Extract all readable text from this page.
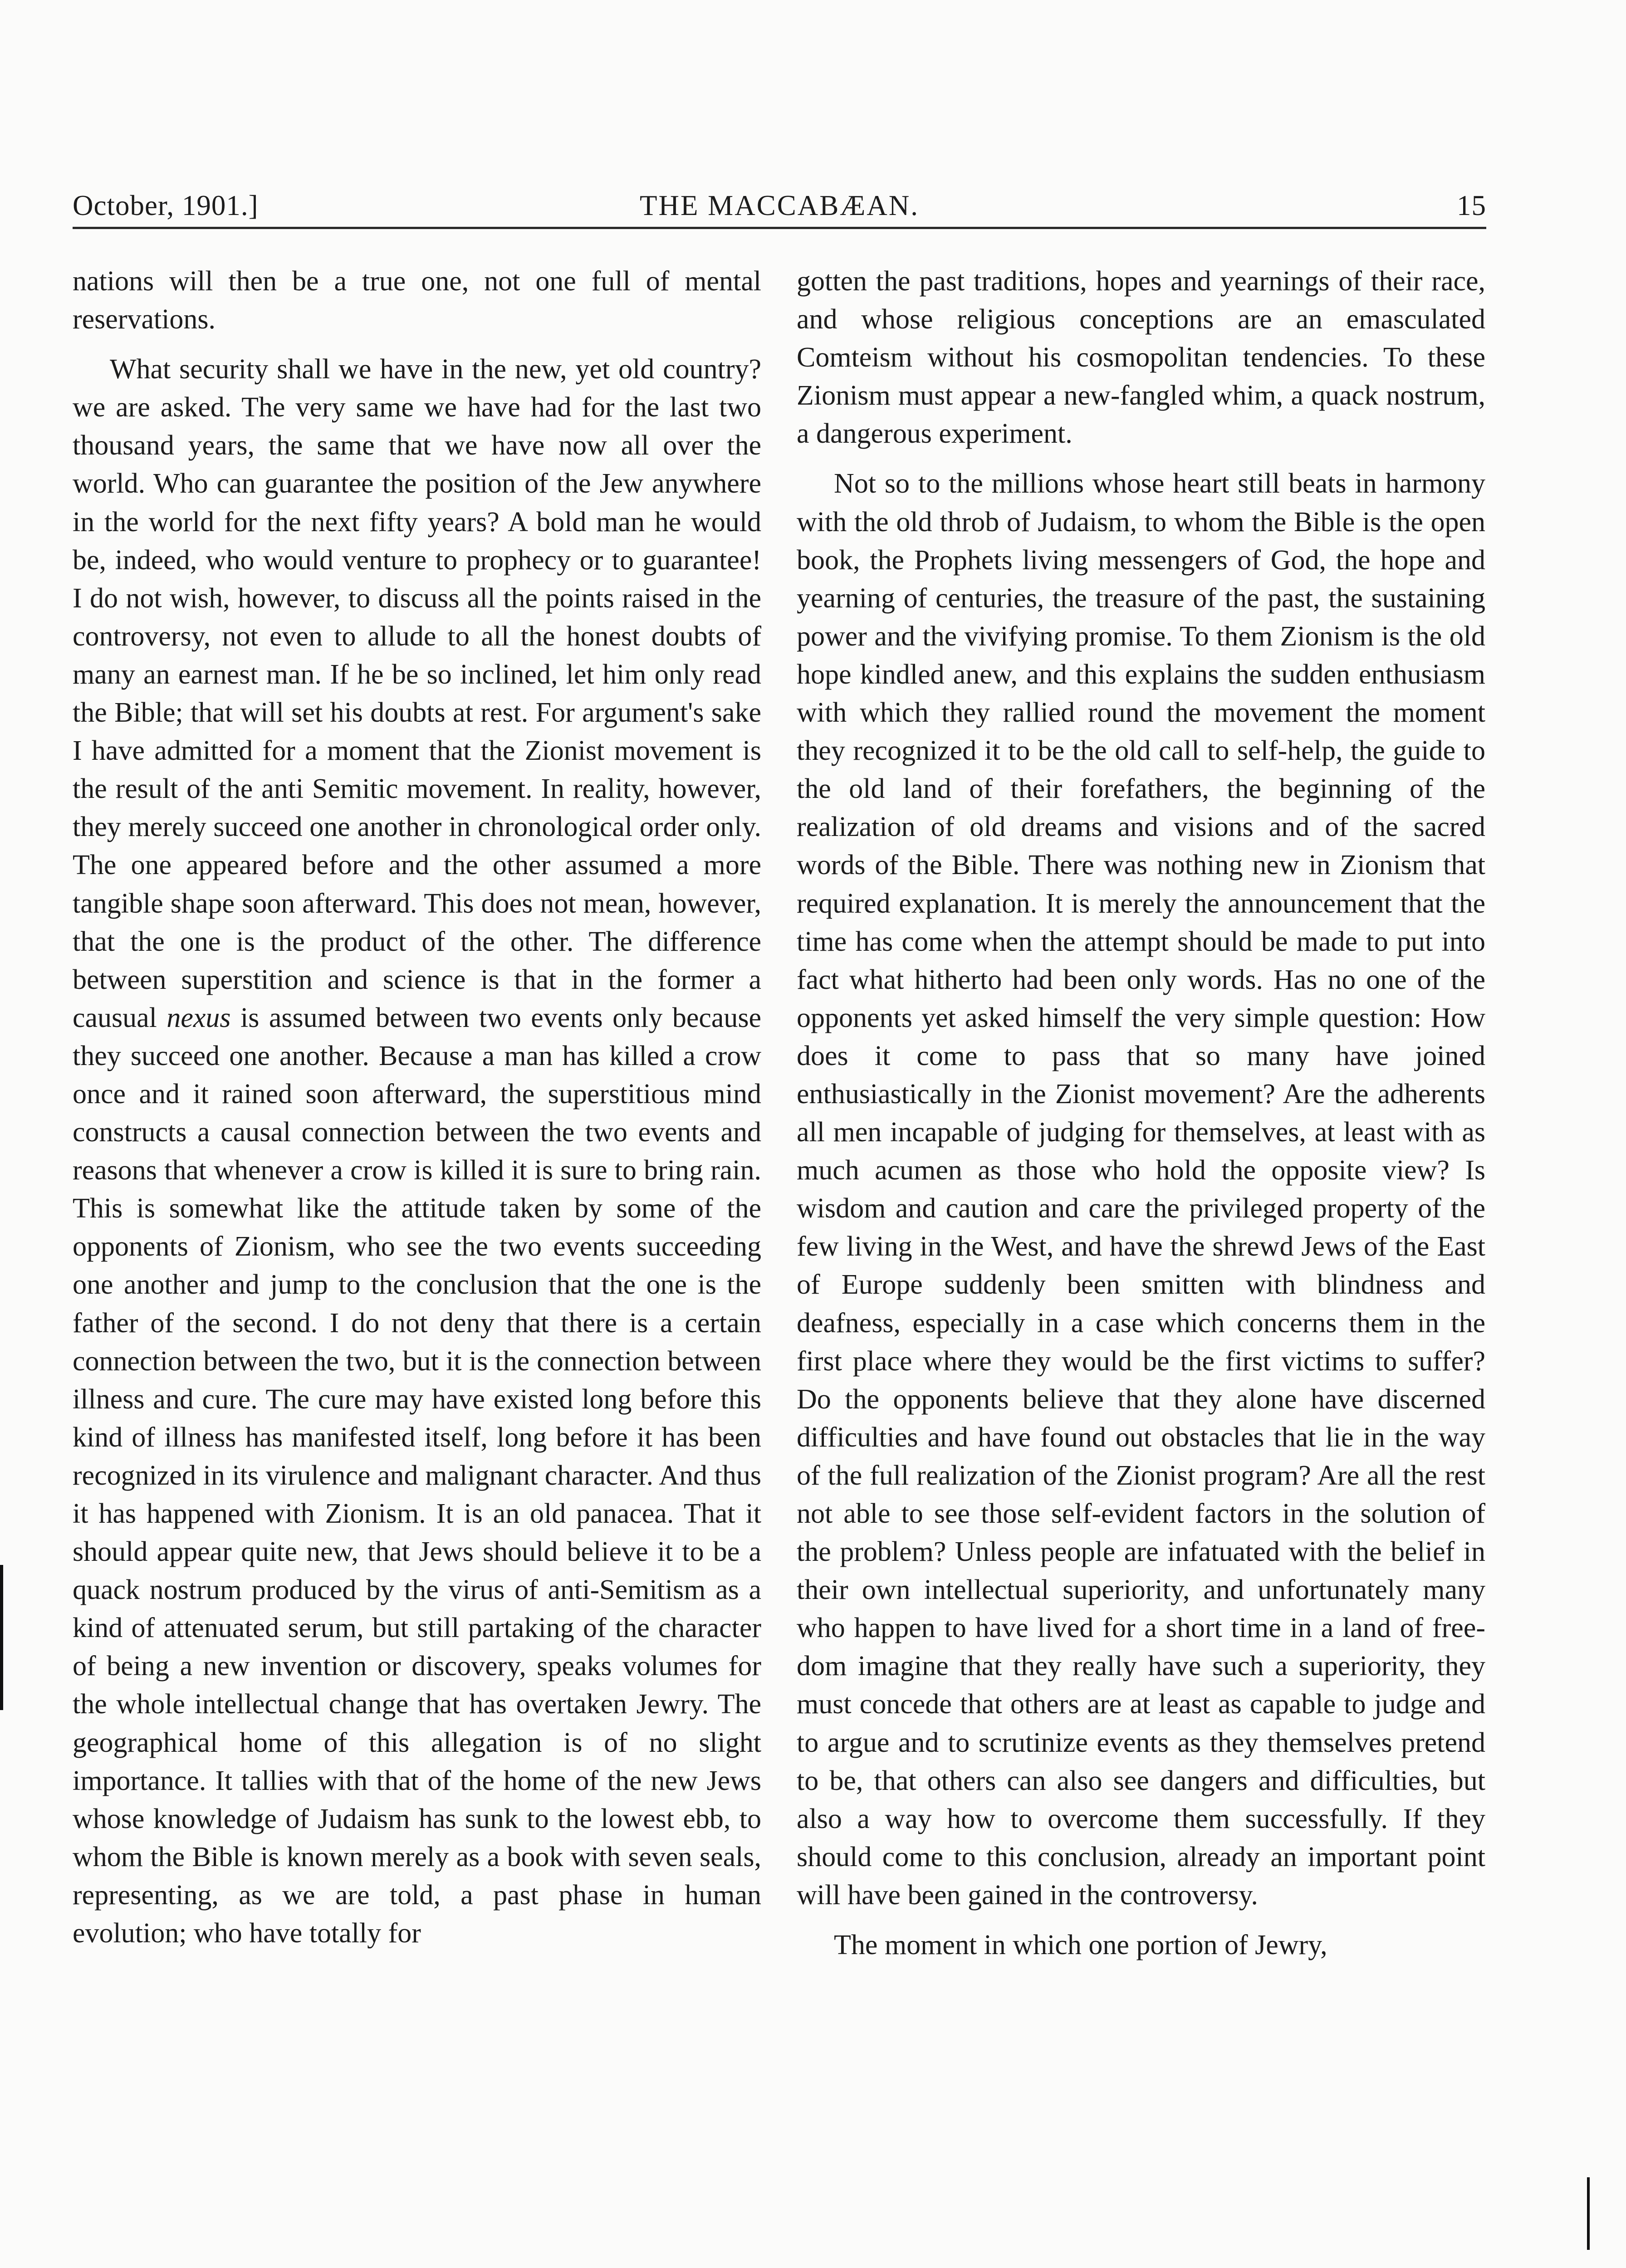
October, 1901.]	THE MACCABÆAN.	15

nations will then be a true one, not one full of mental reservations.

What security shall we have in the new, yet old country? we are asked. The very same we have had for the last two thousand years, the same that we have now all over the world. Who can guarantee the position of the Jew anywhere in the world for the next fifty years? A bold man he would be, indeed, who would venture to prophecy or to guarantee! I do not wish, however, to discuss all the points raised in the controversy, not even to allude to all the honest doubts of many an earnest man. If he be so inclined, let him only read the Bible; that will set his doubts at rest. For argument's sake I have admitted for a moment that the Zionist movement is the result of the anti Semitic movement. In reality, however, they merely succeed one another in chronological order only. The one appeared before and the other assumed a more tangible shape soon afterward. This does not mean, however, that the one is the product of the other. The difference between superstition and science is that in the former a causual nexus is assumed between two events only because they succeed one another. Because a man has killed a crow once and it rained soon afterward, the superstitious mind constructs a causal connection between the two events and reasons that whenever a crow is killed it is sure to bring rain. This is somewhat like the attitude taken by some of the opponents of Zionism, who see the two events succeeding one another and jump to the conclusion that the one is the father of the second. I do not deny that there is a certain connection between the two, but it is the connection between illness and cure. The cure may have existed long before this kind of illness has manifested itself, long before it has been recognized in its virulence and malignant character. And thus it has happened with Zionism. It is an old panacea. That it should appear quite new, that Jews should believe it to be a quack nostrum produced by the virus of anti-Semitism as a kind of attenuated serum, but still partaking of the character of being a new invention or discovery, speaks volumes for the whole intellectual change that has overtaken Jewry. The geographical home of this allegation is of no slight importance. It tallies with that of the home of the new Jews whose knowledge of Judaism has sunk to the lowest ebb, to whom the Bible is known merely as a book with seven seals, representing, as we are told, a past phase in human evolution; who have totally for

gotten the past traditions, hopes and yearnings of their race, and whose religious conceptions are an emasculated Comteism without his cosmopolitan tendencies. To these Zionism must appear a new-fangled whim, a quack nostrum, a dangerous experiment.

Not so to the millions whose heart still beats in harmony with the old throb of Judaism, to whom the Bible is the open book, the Prophets living messengers of God, the hope and yearning of centuries, the treasure of the past, the sustaining power and the vivifying promise. To them Zionism is the old hope kindled anew, and this explains the sudden enthusiasm with which they rallied round the movement the moment they recognized it to be the old call to self-help, the guide to the old land of their forefathers, the beginning of the realization of old dreams and visions and of the sacred words of the Bible. There was nothing new in Zionism that required explanation. It is merely the announcement that the time has come when the attempt should be made to put into fact what hitherto had been only words. Has no one of the opponents yet asked himself the very simple question: How does it come to pass that so many have joined enthusiastically in the Zionist movement? Are the adherents all men incapable of judging for themselves, at least with as much acumen as those who hold the opposite view? Is wisdom and caution and care the privileged property of the few living in the West, and have the shrewd Jews of the East of Europe suddenly been smitten with blindness and deafness, especially in a case which concerns them in the first place where they would be the first victims to suffer? Do the opponents believe that they alone have discerned difficulties and have found out obstacles that lie in the way of the full realization of the Zionist program? Are all the rest not able to see those self-evident factors in the solution of the problem? Unless people are infatuated with the belief in their own intellectual superiority, and unfortunately many who happen to have lived for a short time in a land of freedom imagine that they really have such a superiority, they must concede that others are at least as capable to judge and to argue and to scrutinize events as they themselves pretend to be, that others can also see dangers and difficulties, but also a way how to overcome them successfully. If they should come to this conclusion, already an important point will have been gained in the controversy.

The moment in which one portion of Jewry,
